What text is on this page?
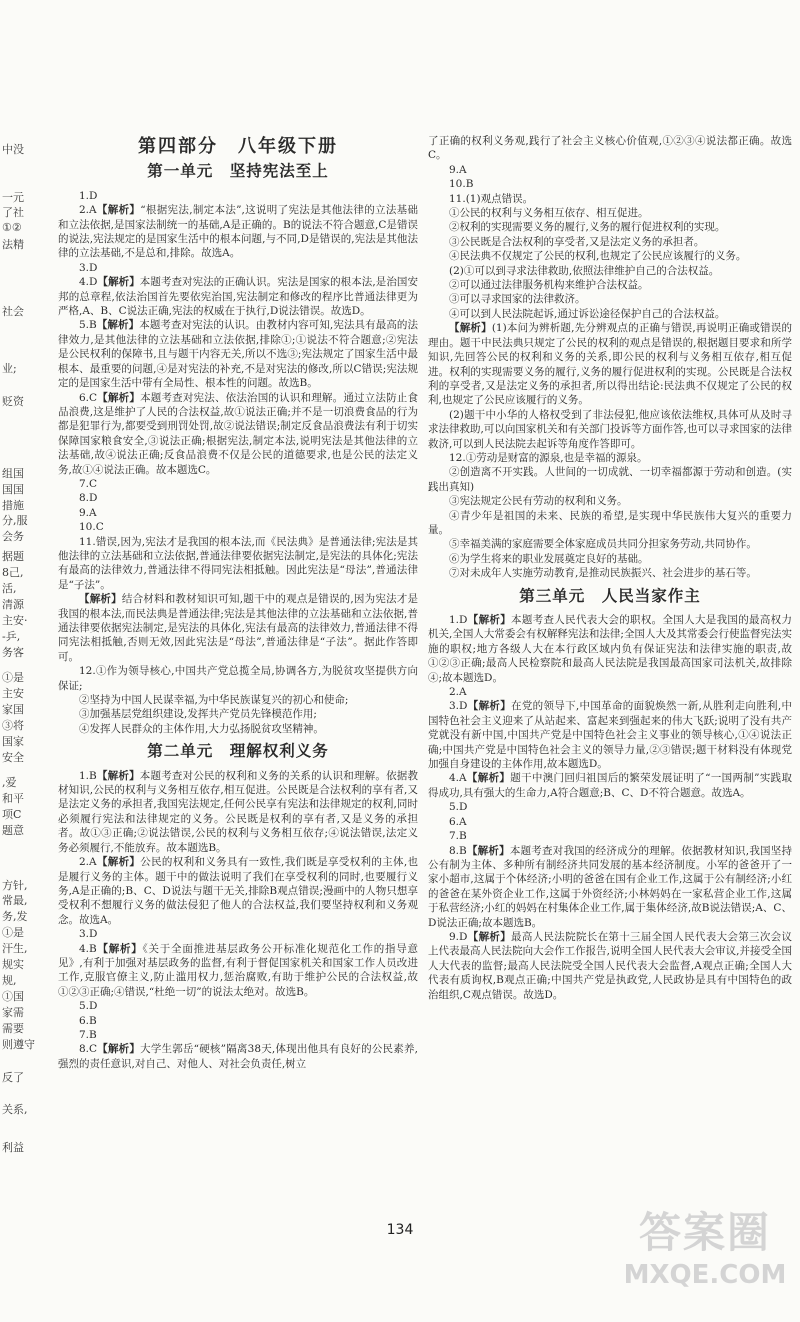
中没
一元
了社
①②
法精
社会
业;
贬资
组国
国国
措施
分,服
会务
据题
8己,
活,
清源
主安·
-乒,
务客
①是
主安
家国
③将
国家
安全
,爱
和平
项C
题意
方针,
常最,
务,发
①是
汗生,
规实
规,
①国
家需
需要
则遵守
反了
关系,
利益
第四部分　八年级下册
第一单元　坚持宪法至上

1.D

2.A【解析】“根据宪法,制定本法”,这说明了宪法是其他法律的立法基础和立法依据,是国家法制统一的基础,A是正确的。B的说法不符合题意,C是错误的说法,宪法规定的是国家生活中的根本问题,与不同,D是错误的,宪法是其他法律的立法基础,不是总和,排除。故选A。

3.D

4.D【解析】本题考查对宪法的正确认识。宪法是国家的根本法,是治国安邦的总章程,依法治国首先要依宪治国,宪法制定和修改的程序比普通法律更为严格,A、B、C说法正确,宪法的权威在于执行,D说法错误。故选D。

5.B【解析】本题考查对宪法的认识。由教材内容可知,宪法具有最高的法律效力,是其他法律的立法基础和立法依据,排除①;①说法不符合题意;②宪法是公民权利的保障书,且与题干内容无关,所以不选③;宪法规定了国家生活中最根本、最重要的问题,④是对宪法的补充,不是对宪法的修改,所以C错误;宪法规定的是国家生活中带有全局性、根本性的问题。故选B。

6.C【解析】本题考查对宪法、依法治国的认识和理解。通过立法防止食品浪费,这是维护了人民的合法权益,故①说法正确;并不是一切浪费食品的行为都是犯罪行为,都要受到刑罚处罚,故②说法错误;制定反食品浪费法有利于切实保障国家粮食安全,③说法正确;根据宪法,制定本法,说明宪法是其他法律的立法基础,故④说法正确;反食品浪费不仅是公民的道德要求,也是公民的法定义务,故①④说法正确。故本题选C。

7.C

8.D

9.A

10.C

11.错误,因为,宪法才是我国的根本法,而《民法典》是普通法律;宪法是其他法律的立法基础和立法依据,普通法律要依据宪法制定,是宪法的具体化;宪法有最高的法律效力,普通法律不得同宪法相抵触。因此宪法是“母法”,普通法律是“子法”。

【解析】结合材料和教材知识可知,题干中的观点是错误的,因为宪法才是我国的根本法,而民法典是普通法律;宪法是其他法律的立法基础和立法依据,普通法律要依据宪法制定,是宪法的具体化,宪法有最高的法律效力,普通法律不得同宪法相抵触,否则无效,因此宪法是“母法”,普通法律是“子法”。据此作答即可。

12.①作为领导核心,中国共产党总揽全局,协调各方,为脱贫攻坚提供方向保证;

②坚持为中国人民谋幸福,为中华民族谋复兴的初心和使命;

③加强基层党组织建设,发挥共产党员先锋模范作用;

④发挥人民群众的主体作用,大力弘扬脱贫攻坚精神。

第二单元　理解权利义务

1.B【解析】本题考查对公民的权利和义务的关系的认识和理解。依据教材知识,公民的权利与义务相互依存,相互促进。公民既是合法权利的享有者,又是法定义务的承担者,我国宪法规定,任何公民享有宪法和法律规定的权利,同时必须履行宪法和法律规定的义务。公民既是权利的享有者,又是义务的承担者。故①③正确;②说法错误,公民的权利与义务相互依存;④说法错误,法定义务必须履行,不能放弃。故本题选B。

2.A【解析】公民的权利和义务具有一致性,我们既是享受权利的主体,也是履行义务的主体。题干中的做法说明了我们在享受权利的同时,也要履行义务,A是正确的;B、C、D说法与题干无关,排除B观点错误;漫画中的人物只想享受权利不想履行义务的做法侵犯了他人的合法权益,我们要坚持权利和义务观念。故选A。

3.D

4.B【解析】《关于全面推进基层政务公开标准化规范化工作的指导意见》,有利于加强对基层政务的监督,有利于督促国家机关和国家工作人员改进工作,克服官僚主义,防止滥用权力,惩治腐败,有助于维护公民的合法权益,故①②③正确;④错误,“杜绝一切”的说法太绝对。故选B。

5.D

6.B

7.B

8.C【解析】大学生郭岳“硬核”隔离38天,体现出他具有良好的公民素养,强烈的责任意识,对自己、对他人、对社会负责任,树立

了正确的权利义务观,践行了社会主义核心价值观,①②③④说法都正确。故选C。

9.A

10.B

11.(1)观点错误。

①公民的权利与义务相互依存、相互促进。

②权利的实现需要义务的履行,义务的履行促进权利的实现。

③公民既是合法权利的享受者,又是法定义务的承担者。

④民法典不仅规定了公民的权利,也规定了公民应该履行的义务。

(2)①可以到寻求法律救助,依照法律维护自己的合法权益。

②可以通过法律服务机构来维护合法权益。

③可以寻求国家的法律救济。

④可以到人民法院起诉,通过诉讼途径保护自己的合法权益。

【解析】(1)本问为辨析题,先分辨观点的正确与错误,再说明正确或错误的理由。题干中民法典只规定了公民的权利的观点是错误的,根据题目要求和所学知识,先回答公民的权利和义务的关系,即公民的权利与义务相互依存,相互促进。权利的实现需要义务的履行,义务的履行促进权利的实现。公民既是合法权利的享受者,又是法定义务的承担者,所以得出结论:民法典不仅规定了公民的权利,也规定了公民应该履行的义务。

(2)题干中小华的人格权受到了非法侵犯,他应该依法维权,具体可从及时寻求法律救助,可以向国家机关和有关部门投诉等方面作答,也可以寻求国家的法律救济,可以到人民法院去起诉等角度作答即可。

12.①劳动是财富的源泉,也是幸福的源泉。

②创造离不开实践。人世间的一切成就、一切幸福都源于劳动和创造。(实践出真知)

③宪法规定公民有劳动的权利和义务。

④青少年是祖国的未来、民族的希望,是实现中华民族伟大复兴的重要力量。

⑤幸福美满的家庭需要全体家庭成员共同分担家务劳动,共同协作。

⑥为学生将来的职业发展奠定良好的基础。

⑦对未成年人实施劳动教育,是推动民族振兴、社会进步的基石等。

第三单元　人民当家作主

1.D【解析】本题考查人民代表大会的职权。全国人大是我国的最高权力机关,全国人大常委会有权解释宪法和法律;全国人大及其常委会行使监督宪法实施的职权;地方各级人大在本行政区域内负有保证宪法和法律实施的职责,故①②③正确;最高人民检察院和最高人民法院是我国最高国家司法机关,故排除④;故本题选D。

2.A

3.D【解析】在党的领导下,中国革命的面貌焕然一新,从胜利走向胜利,中国特色社会主义迎来了从站起来、富起来到强起来的伟大飞跃;说明了没有共产党就没有新中国,中国共产党是中国特色社会主义事业的领导核心,①④说法正确;中国共产党是中国特色社会主义的领导力量,②③错误;题干材料没有体现党加强自身建设的主体作用,故本题选D。

4.A【解析】题干中澳门回归祖国后的繁荣发展证明了“一国两制”实践取得成功,具有强大的生命力,A符合题意;B、C、D不符合题意。故选A。

5.D

6.A

7.B

8.B【解析】本题考查对我国的经济成分的理解。依据教材知识,我国坚持公有制为主体、多种所有制经济共同发展的基本经济制度。小军的爸爸开了一家小超市,这属于个体经济;小明的爸爸在国有企业工作,这属于公有制经济;小红的爸爸在某外资企业工作,这属于外资经济;小林妈妈在一家私营企业工作,这属于私营经济;小红的妈妈在村集体企业工作,属于集体经济,故B说法错误;A、C、D说法正确;故本题选B。

9.D【解析】最高人民法院院长在第十三届全国人民代表大会第三次会议上代表最高人民法院向大会作工作报告,说明全国人民代表大会审议,并接受全国人大代表的监督;最高人民法院受全国人民代表大会监督,A观点正确;全国人大代表有质询权,B观点正确;中国共产党是执政党,人民政协是具有中国特色的政治组织,C观点错误。故选D。

134	答案圈
MXQE.COM
